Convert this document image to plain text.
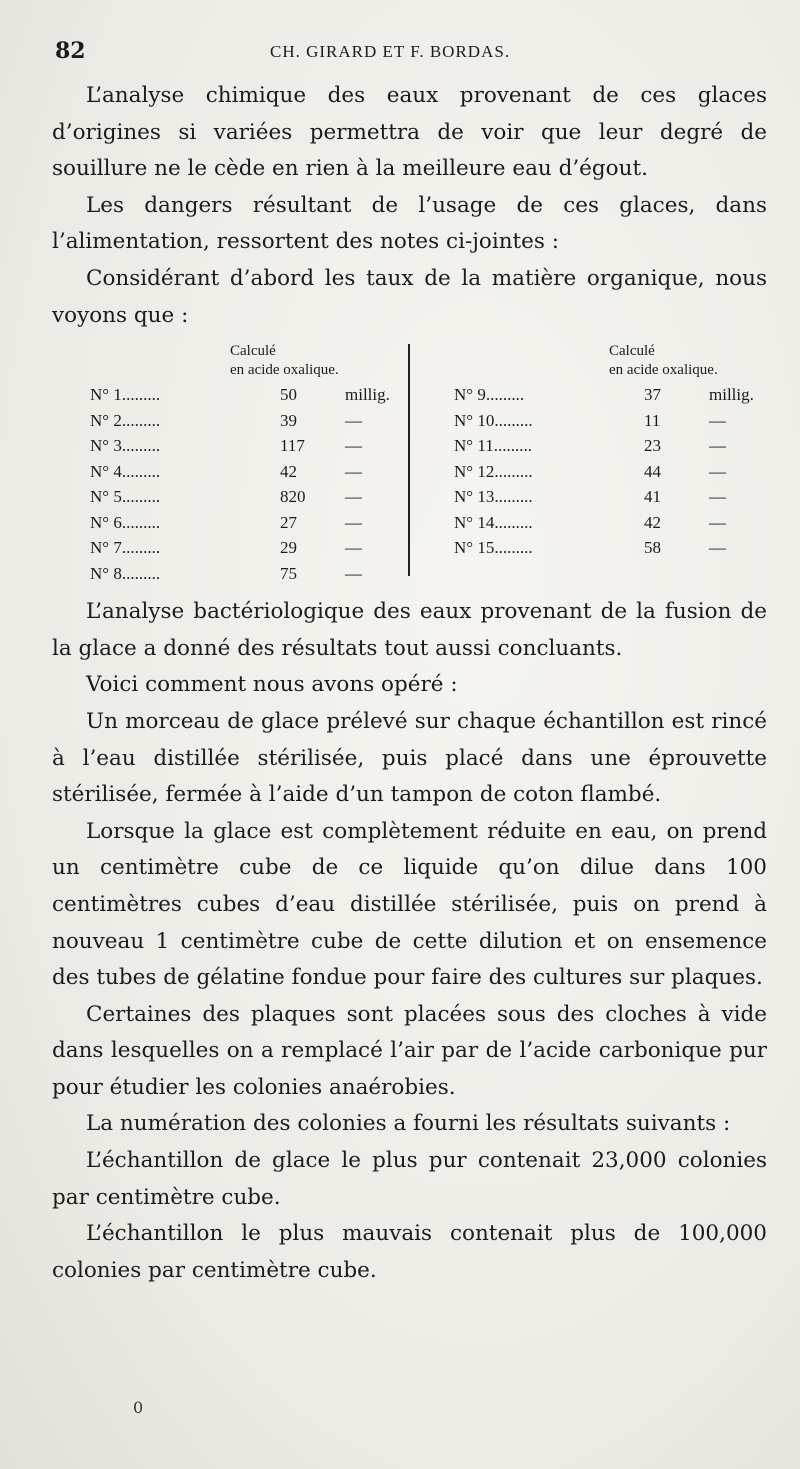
82	CH. GIRARD ET F. BORDAS.

L’analyse chimique des eaux provenant de ces glaces d’origines si variées permettra de voir que leur degré de souillure ne le cède en rien à la meilleure eau d’égout.

Les dangers résultant de l’usage de ces glaces, dans l’alimentation, ressortent des notes ci-jointes :

Considérant d’abord les taux de la matière organique, nous voyons que :

Calculé
en acide oxalique.
N° 1.........	50	millig.
N° 2.........	39	—
N° 3.........	117	—
N° 4.........	42	—
N° 5.........	820	—
N° 6.........	27	—
N° 7.........	29	—
N° 8.........	75	—
Calculé
en acide oxalique.
N° 9.........	37	millig.
N° 10.........	11	—
N° 11.........	23	—
N° 12.........	44	—
N° 13.........	41	—
N° 14.........	42	—
N° 15.........	58	—

L’analyse bactériologique des eaux provenant de la fusion de la glace a donné des résultats tout aussi concluants.

Voici comment nous avons opéré :

Un morceau de glace prélevé sur chaque échantillon est rincé à l’eau distillée stérilisée, puis placé dans une éprouvette stérilisée, fermée à l’aide d’un tampon de coton flambé.

Lorsque la glace est complètement réduite en eau, on prend un centimètre cube de ce liquide qu’on dilue dans 100 centimètres cubes d’eau distillée stérilisée, puis on prend à nouveau 1 centimètre cube de cette dilution et on ensemence des tubes de gélatine fondue pour faire des cultures sur plaques.

Certaines des plaques sont placées sous des cloches à vide dans lesquelles on a remplacé l’air par de l’acide carbonique pur pour étudier les colonies anaérobies.

La numération des colonies a fourni les résultats suivants :

L’échantillon de glace le plus pur contenait 23,000 colonies par centimètre cube.

L’échantillon le plus mauvais contenait plus de 100,000 colonies par centimètre cube.

0
